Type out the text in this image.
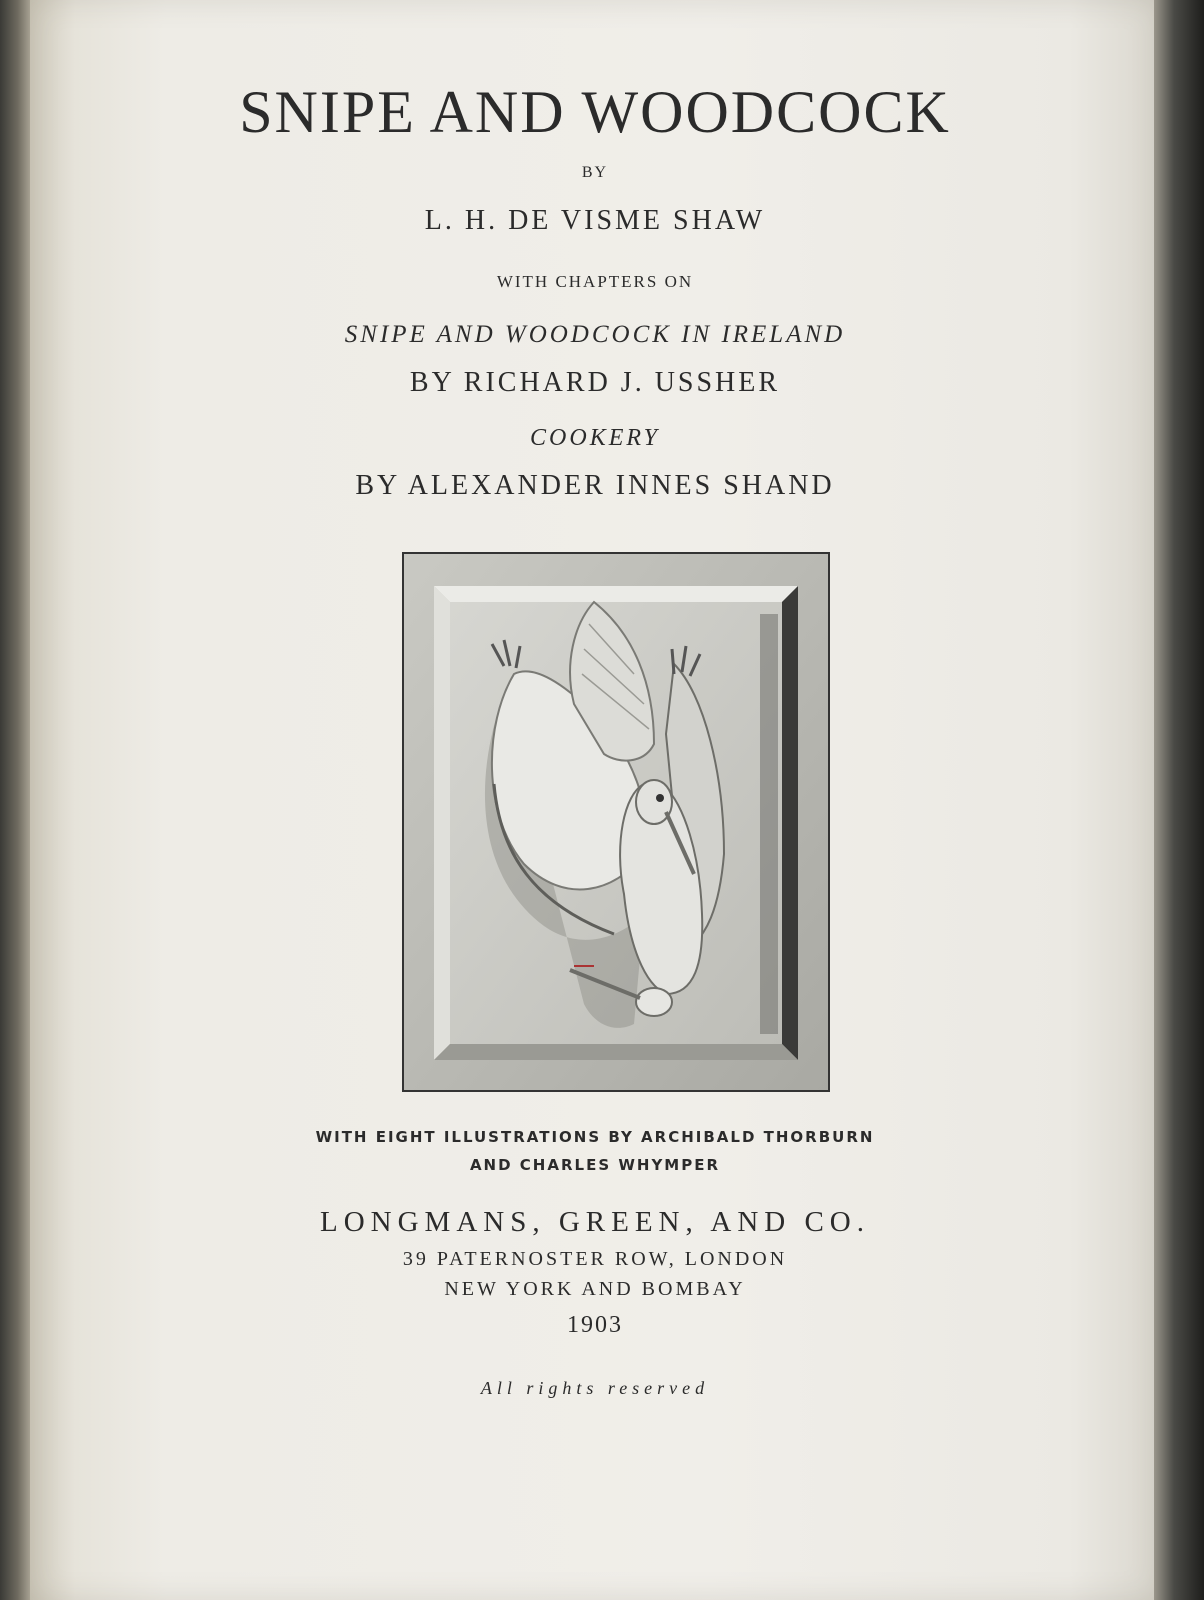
SNIPE AND WOODCOCK
BY
L. H. DE VISME SHAW
WITH CHAPTERS ON
SNIPE AND WOODCOCK IN IRELAND
BY RICHARD J. USSHER
COOKERY
BY ALEXANDER INNES SHAND
WITH EIGHT ILLUSTRATIONS BY ARCHIBALD THORBURN
AND CHARLES WHYMPER
LONGMANS, GREEN, AND CO.
39 PATERNOSTER ROW, LONDON
NEW YORK AND BOMBAY
1903
All rights reserved
